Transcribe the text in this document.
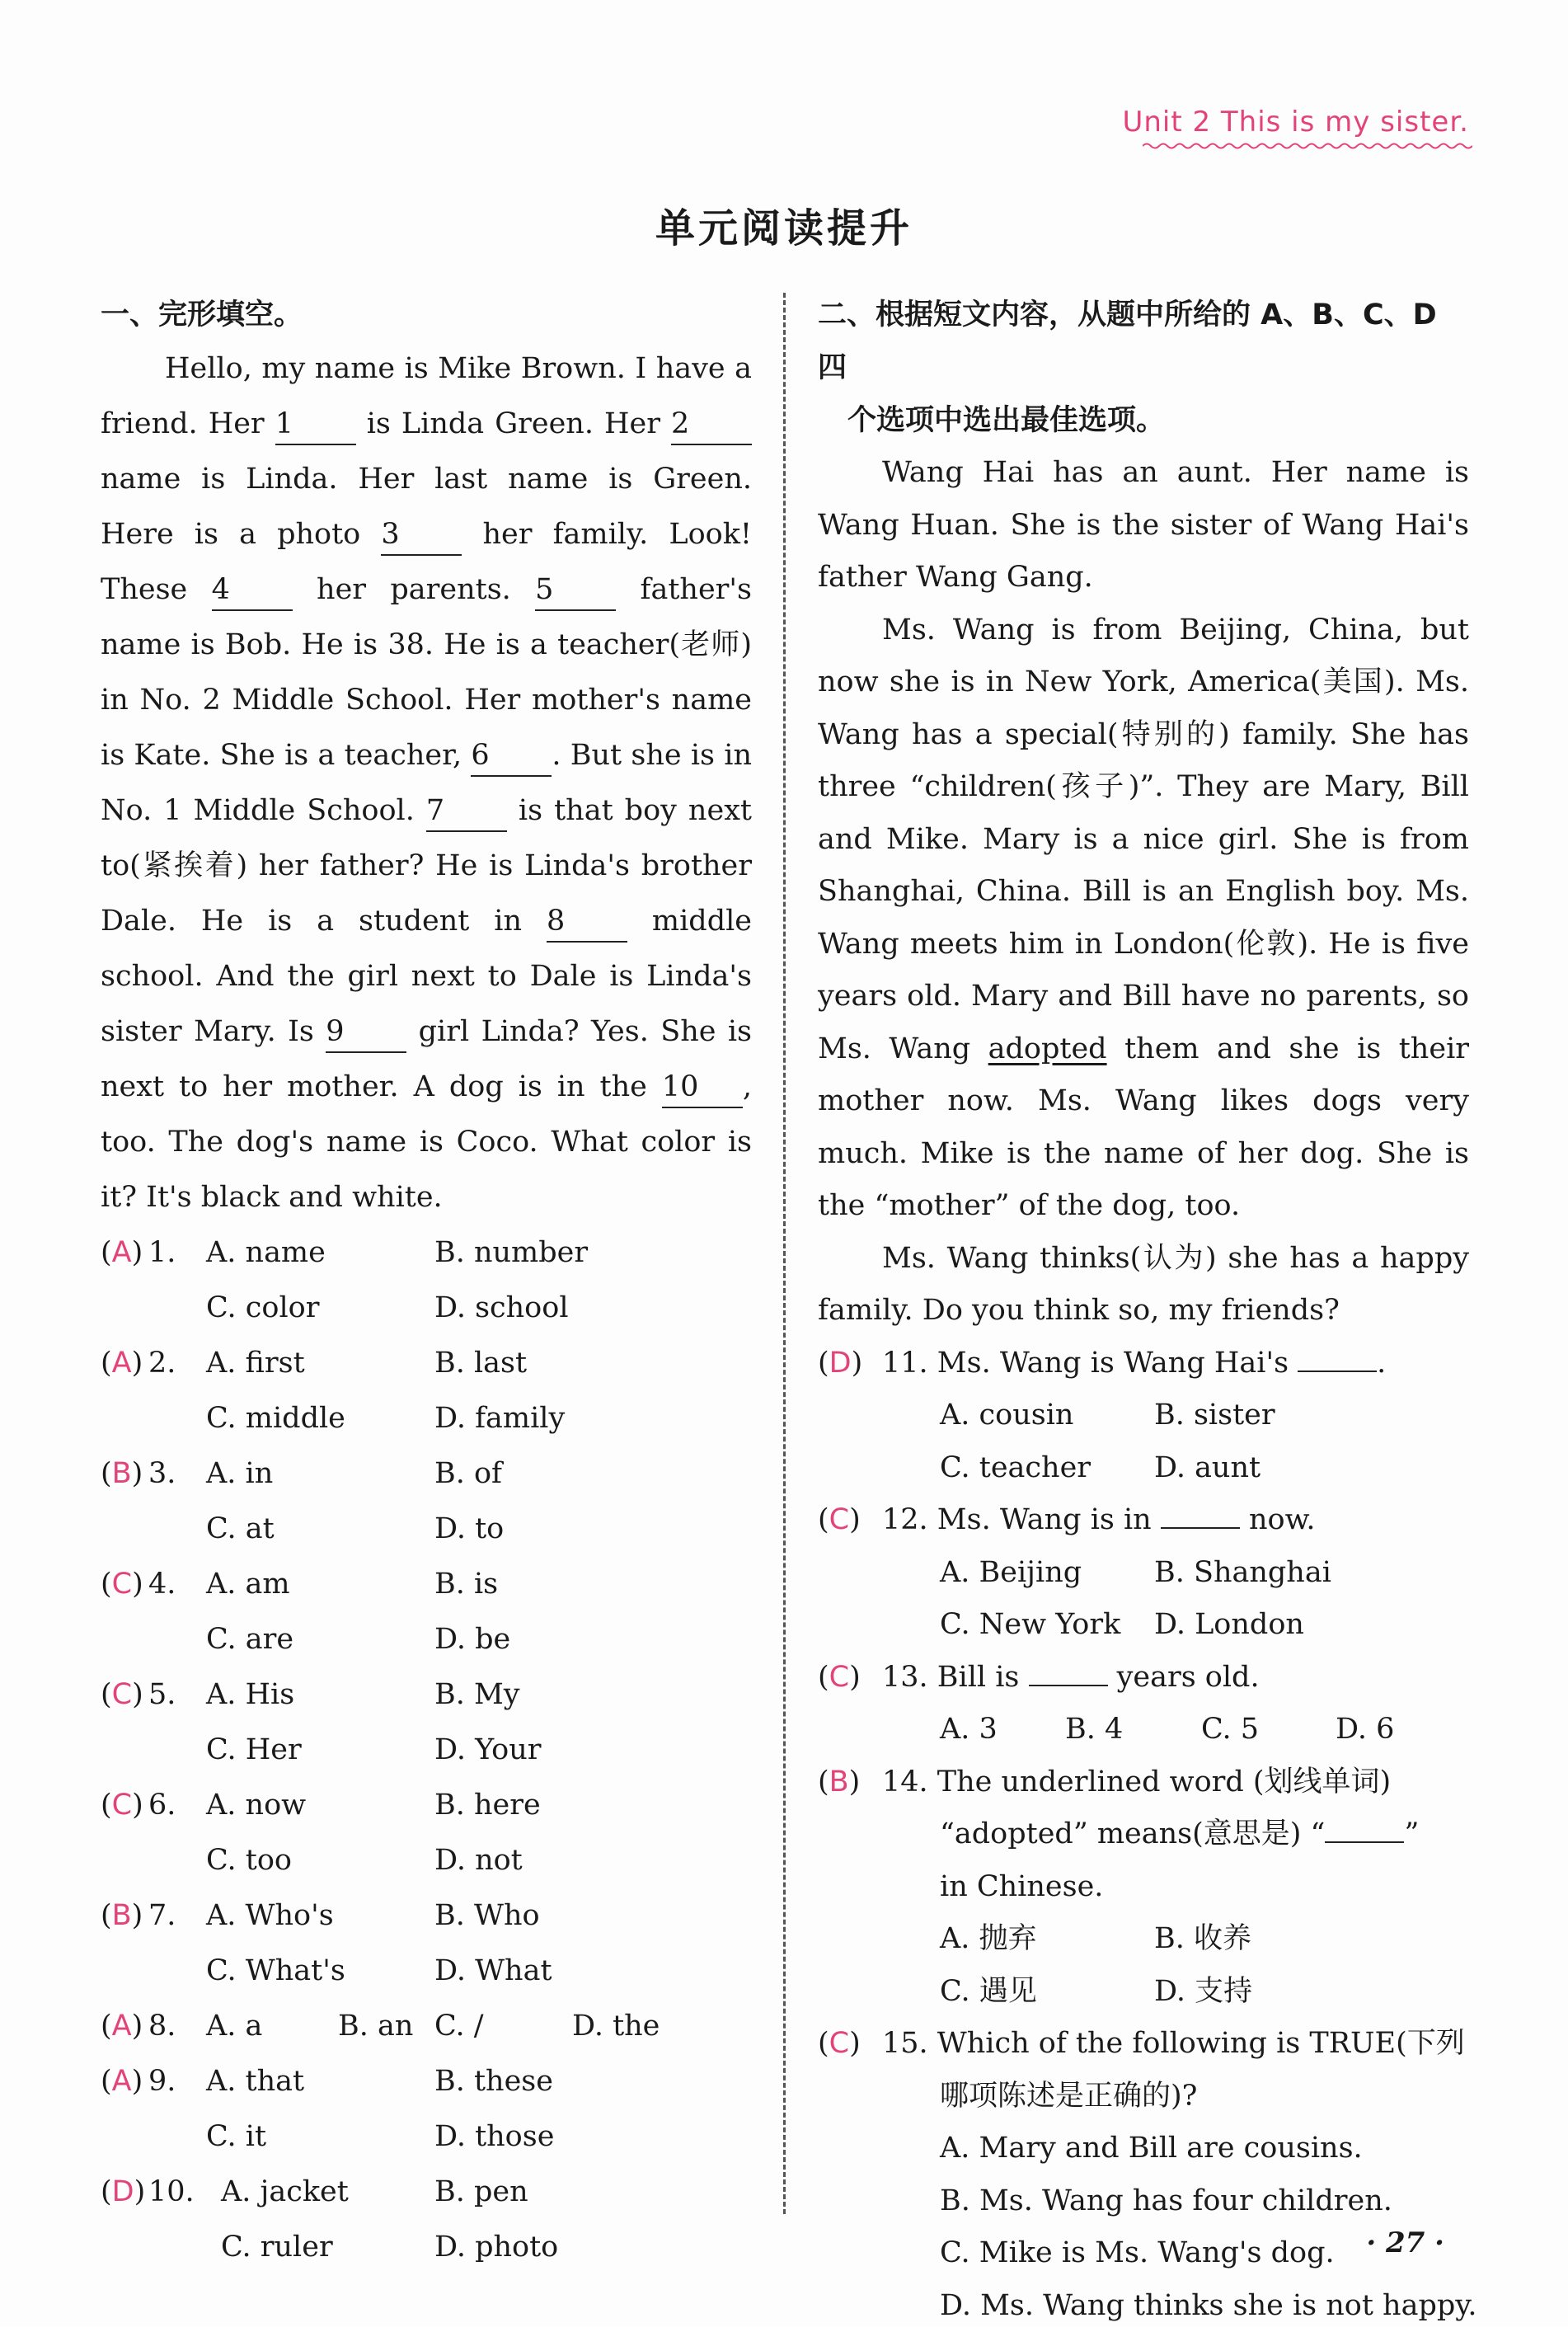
Unit 2 This is my sister.
单元阅读提升
一、完形填空。

Hello, my name is Mike Brown. I have a friend. Her 1 is Linda Green. Her 2 name is Linda. Her last name is Green. Here is a photo 3 her family. Look! These 4 her parents. 5 father's name is Bob. He is 38. He is a teacher(老师) in No. 2 Middle School. Her mother's name is Kate. She is a teacher, 6 . But she is in No. 1 Middle School. 7 is that boy next to(紧挨着) her father? He is Linda's brother Dale. He is a student in 8 middle school. And the girl next to Dale is Linda's sister Mary. Is 9 girl Linda? Yes. She is next to her mother. A dog is in the 10 , too. The dog's name is Coco. What color is it? It's black and white.

(A) 1. A. name	B. number
C. color	D. school
(A) 2. A. first	B. last
C. middle	D. family
(B) 3. A. in	B. of
C. at	D. to
(C) 4. A. am	B. is
C. are	D. be
(C) 5. A. His	B. My
C. Her	D. Your
(C) 6. A. now	B. here
C. too	D. not
(B) 7. A. Who's	B. Who
C. What's	D. What
(A) 8. A. a	B. an C. /	D. the
(A) 9. A. that	B. these
C. it	D. those
(D) 10. A. jacket	B. pen
C. ruler	D. photo
二、根据短文内容，从题中所给的 A、B、C、D 四
个选项中选出最佳选项。

Wang Hai has an aunt. Her name is Wang Huan. She is the sister of Wang Hai's father Wang Gang.

Ms. Wang is from Beijing, China, but now she is in New York, America(美国). Ms. Wang has a special(特别的) family. She has three “children(孩子)”. They are Mary, Bill and Mike. Mary is a nice girl. She is from Shanghai, China. Bill is an English boy. Ms. Wang meets him in London(伦敦). He is five years old. Mary and Bill have no parents, so Ms. Wang adopted them and she is their mother now. Ms. Wang likes dogs very much. Mike is the name of her dog. She is the “mother” of the dog, too.

Ms. Wang thinks(认为) she has a happy family. Do you think so, my friends?

(D) 11. Ms. Wang is Wang Hai's	.
A. cousin	B. sister
C. teacher D. aunt
(C) 12. Ms. Wang is in	now.
A. Beijing	B. Shanghai
C. New York D. London
(C) 13. Bill is	years old.
A. 3 B. 4	C. 5	D. 6
(B) 14. The underlined word (划线单词)
“adopted” means(意思是) “	”
in Chinese.
A. 抛弃	B. 收养
C. 遇见	D. 支持
(C) 15. Which of the following is TRUE(下列
哪项陈述是正确的)?
A. Mary and Bill are cousins.
B. Ms. Wang has four children.
C. Mike is Ms. Wang's dog.
D. Ms. Wang thinks she is not happy.
· 27 ·
